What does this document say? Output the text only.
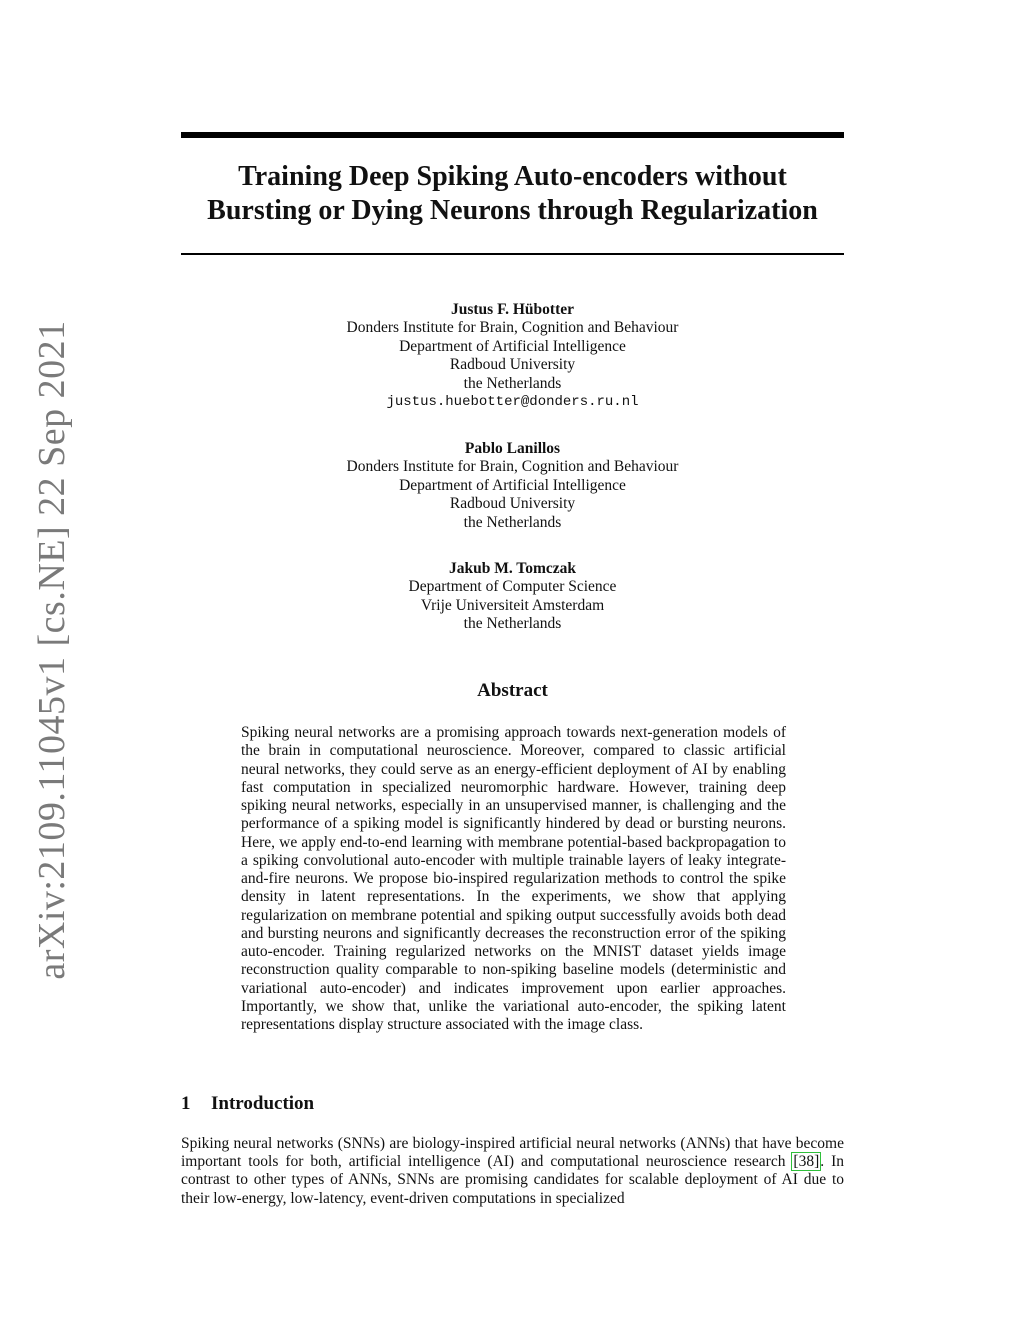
arXiv:2109.11045v1 [cs.NE] 22 Sep 2021
Training Deep Spiking Auto-encoders without
Bursting or Dying Neurons through Regularization
Justus F. Hübotter
Donders Institute for Brain, Cognition and Behaviour
Department of Artificial Intelligence
Radboud University
the Netherlands
justus.huebotter@donders.ru.nl
Pablo Lanillos
Donders Institute for Brain, Cognition and Behaviour
Department of Artificial Intelligence
Radboud University
the Netherlands
Jakub M. Tomczak
Department of Computer Science
Vrije Universiteit Amsterdam
the Netherlands
Abstract
Spiking neural networks are a promising approach towards next-generation models of the brain in computational neuroscience. Moreover, compared to classic artificial neural networks, they could serve as an energy-efficient deployment of AI by enabling fast computation in specialized neuromorphic hardware. However, training deep spiking neural networks, especially in an unsupervised manner, is challenging and the performance of a spiking model is significantly hindered by dead or bursting neurons. Here, we apply end-to-end learning with membrane potential-based backpropagation to a spiking convolutional auto-encoder with multiple trainable layers of leaky integrate-and-fire neurons. We propose bio-inspired regularization methods to control the spike density in latent representations. In the experiments, we show that applying regularization on membrane potential and spiking output successfully avoids both dead and bursting neurons and significantly decreases the reconstruction error of the spiking auto-encoder. Training regularized networks on the MNIST dataset yields image reconstruction quality comparable to non-spiking baseline models (deterministic and variational auto-encoder) and indicates improvement upon earlier approaches. Importantly, we show that, unlike the variational auto-encoder, the spiking latent representations display structure associated with the image class.
1 Introduction
Spiking neural networks (SNNs) are biology-inspired artificial neural networks (ANNs) that have become important tools for both, artificial intelligence (AI) and computational neuroscience research [38]. In contrast to other types of ANNs, SNNs are promising candidates for scalable deployment of AI due to their low-energy, low-latency, event-driven computations in specialized
